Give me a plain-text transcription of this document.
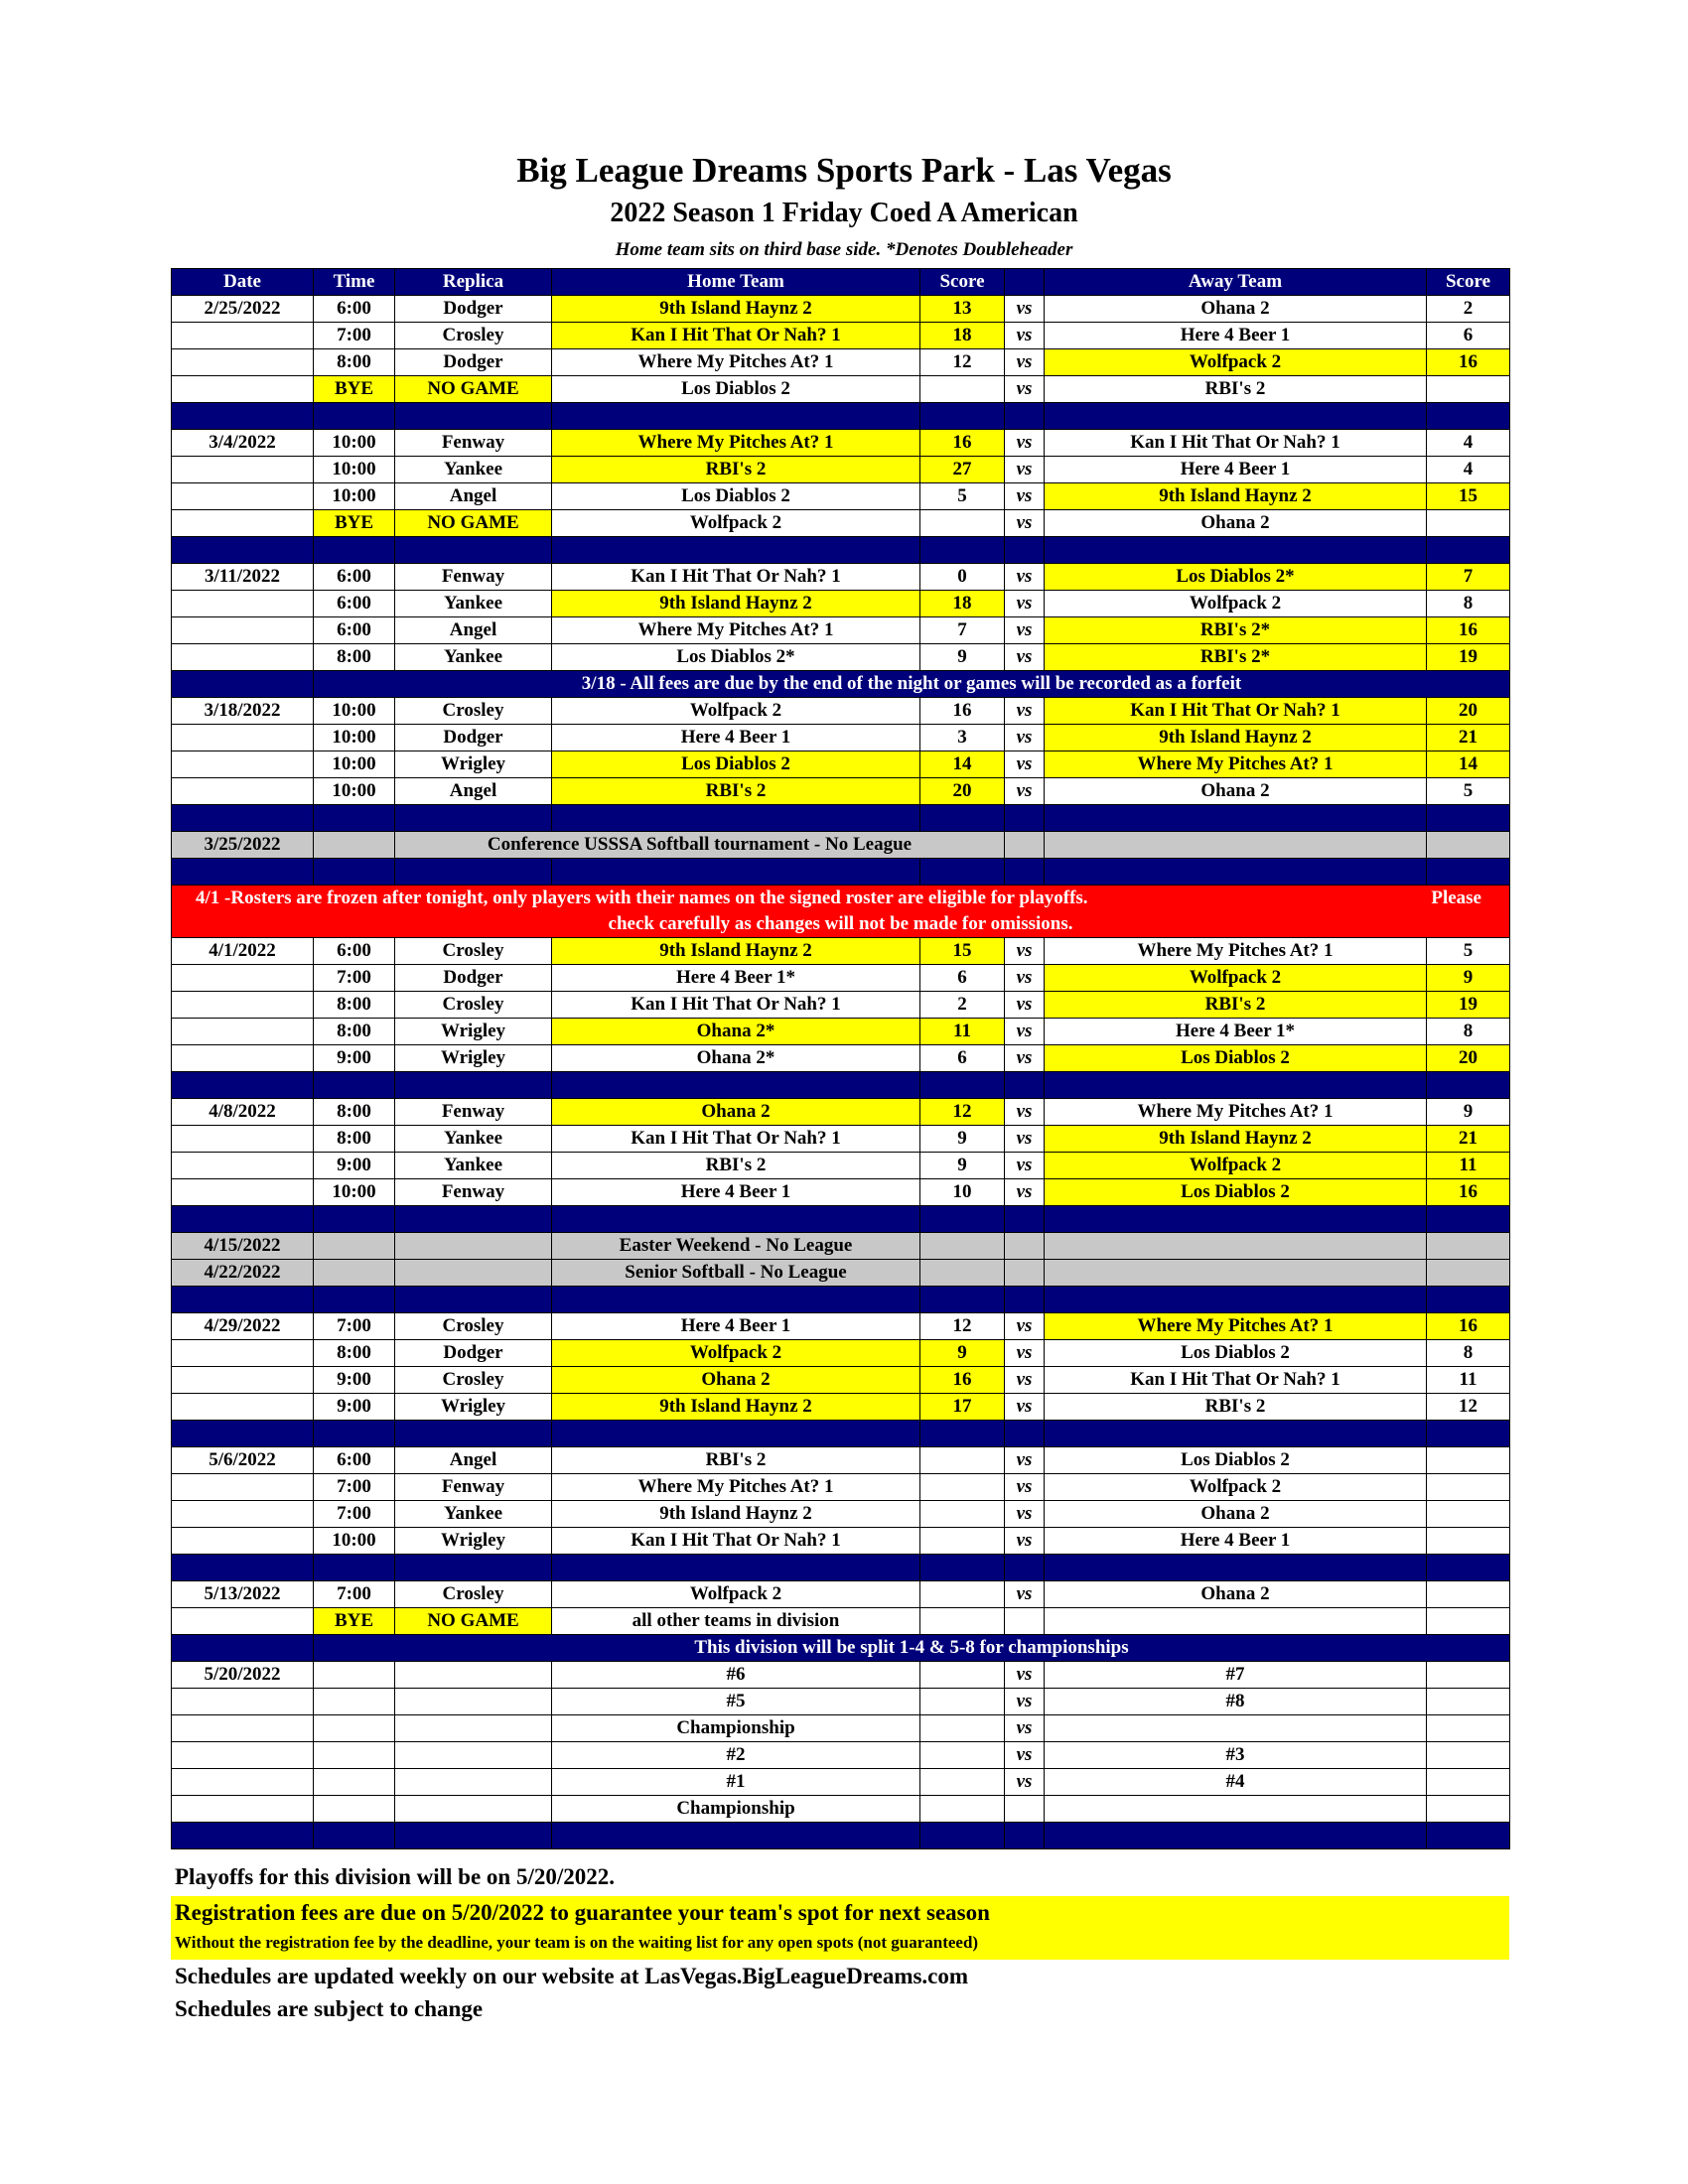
Big League Dreams Sports Park - Las Vegas
2022 Season 1 Friday Coed A American
Home team sits on third base side. *Denotes Doubleheader
Date	Time	Replica	Home Team	Score		Away Team	Score
2/25/2022	6:00	Dodger	9th Island Haynz 2	13	vs	Ohana 2	2
	7:00	Crosley	Kan I Hit That Or Nah? 1	18	vs	Here 4 Beer 1	6
	8:00	Dodger	Where My Pitches At? 1	12	vs	Wolfpack 2	16
	BYE	NO GAME	Los Diablos 2		vs	RBI's 2	

3/4/2022	10:00	Fenway	Where My Pitches At? 1	16	vs	Kan I Hit That Or Nah? 1	4
	10:00	Yankee	RBI's 2	27	vs	Here 4 Beer 1	4
	10:00	Angel	Los Diablos 2	5	vs	9th Island Haynz 2	15
	BYE	NO GAME	Wolfpack 2		vs	Ohana 2	

3/11/2022	6:00	Fenway	Kan I Hit That Or Nah? 1	0	vs	Los Diablos 2*	7
	6:00	Yankee	9th Island Haynz 2	18	vs	Wolfpack 2	8
	6:00	Angel	Where My Pitches At? 1	7	vs	RBI's 2*	16
	8:00	Yankee	Los Diablos 2*	9	vs	RBI's 2*	19
	3/18 - All fees are due by the end of the night or games will be recorded as a forfeit						
3/18/2022	10:00	Crosley	Wolfpack 2	16	vs	Kan I Hit That Or Nah? 1	20
	10:00	Dodger	Here 4 Beer 1	3	vs	9th Island Haynz 2	21
	10:00	Wrigley	Los Diablos 2	14	vs	Where My Pitches At? 1	14
	10:00	Angel	RBI's 2	20	vs	Ohana 2	5

3/25/2022		Conference USSSA Softball tournament - No League					

4/1 -Rosters are frozen after tonight, only players with their names on the signed roster are eligible for playoffs. Please
check carefully as changes will not be made for omissions.							

4/1/2022	6:00	Crosley	9th Island Haynz 2	15	vs	Where My Pitches At? 1	5
	7:00	Dodger	Here 4 Beer 1*	6	vs	Wolfpack 2	9
	8:00	Crosley	Kan I Hit That Or Nah? 1	2	vs	RBI's 2	19
	8:00	Wrigley	Ohana 2*	11	vs	Here 4 Beer 1*	8
	9:00	Wrigley	Ohana 2*	6	vs	Los Diablos 2	20

4/8/2022	8:00	Fenway	Ohana 2	12	vs	Where My Pitches At? 1	9
	8:00	Yankee	Kan I Hit That Or Nah? 1	9	vs	9th Island Haynz 2	21
	9:00	Yankee	RBI's 2	9	vs	Wolfpack 2	11
	10:00	Fenway	Here 4 Beer 1	10	vs	Los Diablos 2	16

4/15/2022			Easter Weekend - No League				
4/22/2022			Senior Softball - No League				

4/29/2022	7:00	Crosley	Here 4 Beer 1	12	vs	Where My Pitches At? 1	16
	8:00	Dodger	Wolfpack 2	9	vs	Los Diablos 2	8
	9:00	Crosley	Ohana 2	16	vs	Kan I Hit That Or Nah? 1	11
	9:00	Wrigley	9th Island Haynz 2	17	vs	RBI's 2	12

5/6/2022	6:00	Angel	RBI's 2		vs	Los Diablos 2	
	7:00	Fenway	Where My Pitches At? 1		vs	Wolfpack 2	
	7:00	Yankee	9th Island Haynz 2		vs	Ohana 2	
	10:00	Wrigley	Kan I Hit That Or Nah? 1		vs	Here 4 Beer 1	

5/13/2022	7:00	Crosley	Wolfpack 2		vs	Ohana 2	
	BYE	NO GAME	all other teams in division				
	This division will be split 1-4 & 5-8 for championships						
5/20/2022			#6		vs	#7	
			#5		vs	#8	
			Championship		vs		
			#2		vs	#3	
			#1		vs	#4	
			Championship				

Playoffs for this division will be on 5/20/2022.
Registration fees are due on 5/20/2022 to guarantee your team's spot for next season
Without the registration fee by the deadline, your team is on the waiting list for any open spots (not guaranteed)
Schedules are updated weekly on our website at LasVegas.BigLeagueDreams.com
Schedules are subject to change
